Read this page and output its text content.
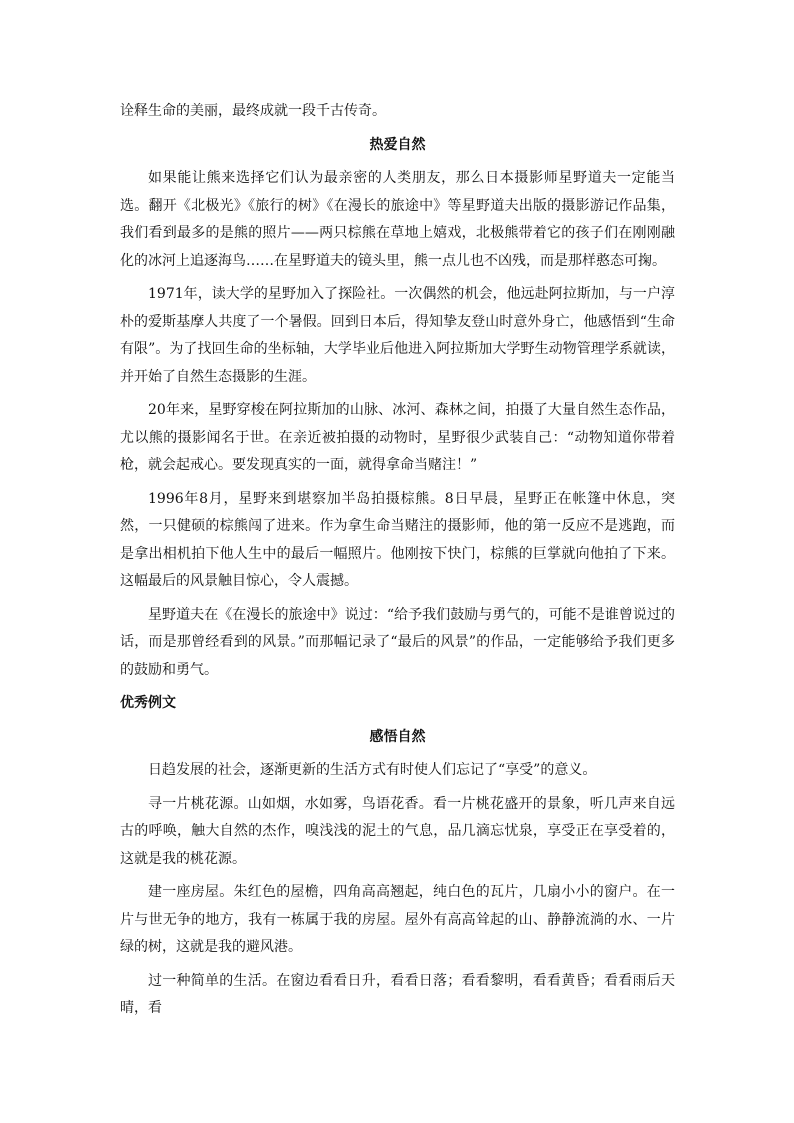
诠释生命的美丽，最终成就一段千古传奇。

热爱自然

如果能让熊来选择它们认为最亲密的人类朋友，那么日本摄影师星野道夫一定能当选。翻开《北极光》《旅行的树》《在漫长的旅途中》等星野道夫出版的摄影游记作品集，我们看到最多的是熊的照片——两只棕熊在草地上嬉戏，北极熊带着它的孩子们在刚刚融化的冰河上追逐海鸟……在星野道夫的镜头里，熊一点儿也不凶残，而是那样憨态可掬。

1971年，读大学的星野加入了探险社。一次偶然的机会，他远赴阿拉斯加，与一户淳朴的爱斯基摩人共度了一个暑假。回到日本后，得知挚友登山时意外身亡，他感悟到“生命有限”。为了找回生命的坐标轴，大学毕业后他进入阿拉斯加大学野生动物管理学系就读，并开始了自然生态摄影的生涯。

20年来，星野穿梭在阿拉斯加的山脉、冰河、森林之间，拍摄了大量自然生态作品，尤以熊的摄影闻名于世。在亲近被拍摄的动物时，星野很少武装自己：“动物知道你带着枪，就会起戒心。要发现真实的一面，就得拿命当赌注！”

1996年8月，星野来到堪察加半岛拍摄棕熊。8日早晨，星野正在帐篷中休息，突然，一只健硕的棕熊闯了进来。作为拿生命当赌注的摄影师，他的第一反应不是逃跑，而是拿出相机拍下他人生中的最后一幅照片。他刚按下快门，棕熊的巨掌就向他拍了下来。这幅最后的风景触目惊心，令人震撼。

星野道夫在《在漫长的旅途中》说过：“给予我们鼓励与勇气的，可能不是谁曾说过的话，而是那曾经看到的风景。”而那幅记录了“最后的风景”的作品，一定能够给予我们更多的鼓励和勇气。

优秀例文
感悟自然

日趋发展的社会，逐渐更新的生活方式有时使人们忘记了“享受”的意义。

寻一片桃花源。山如烟，水如雾，鸟语花香。看一片桃花盛开的景象，听几声来自远古的呼唤，触大自然的杰作，嗅浅浅的泥土的气息，品几滴忘忧泉，享受正在享受着的，这就是我的桃花源。

建一座房屋。朱红色的屋檐，四角高高翘起，纯白色的瓦片，几扇小小的窗户。在一片与世无争的地方，我有一栋属于我的房屋。屋外有高高耸起的山、静静流淌的水、一片绿的树，这就是我的避风港。

过一种简单的生活。在窗边看看日升，看看日落；看看黎明，看看黄昏；看看雨后天晴，看
